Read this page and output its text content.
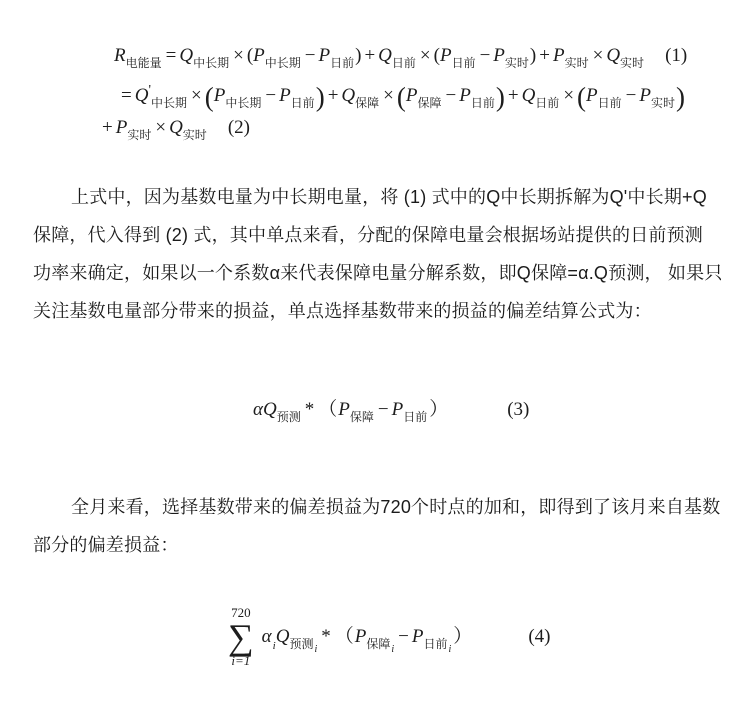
$R_{电能量} = Q_{中长期} \times (P_{中长期} - P_{日前}) + Q_{日前} \times (P_{日前} - P_{实时}) + P_{实时} \times Q_{实时}$ (1)
= $Q'_{中长期} \times (P_{中长期} - P_{日前}) + Q_{保障} \times (P_{保障} - P_{日前}) + Q_{日前} \times (P_{日前} - P_{实时})$
+ $P_{实时} \times Q_{实时}$ (2)
上式中，因为基数电量为中长期电量，将 (1) 式中的Q中长期拆解为Q'中长期+Q
保障，代入得到 (2) 式，其中单点来看，分配的保障电量会根据场站提供的日前预测
功率来确定，如果以一个系数α来代表保障电量分解系数，即Q保障=α.Q预测， 如果只
关注基数电量部分带来的损益，单点选择基数带来的损益的偏差结算公式为：
$\alpha Q_{预测} * (P_{保障} - P_{日前}$ ）	(3)
全月来看，选择基数带来的偏差损益为720个时点的加和，即得到了该月来自基数
部分的偏差损益：
720
∑
i=1
$\alpha_iQ_{预测_i}*$ $(P_{保障_i}- P_{日前_i})$	(4)
